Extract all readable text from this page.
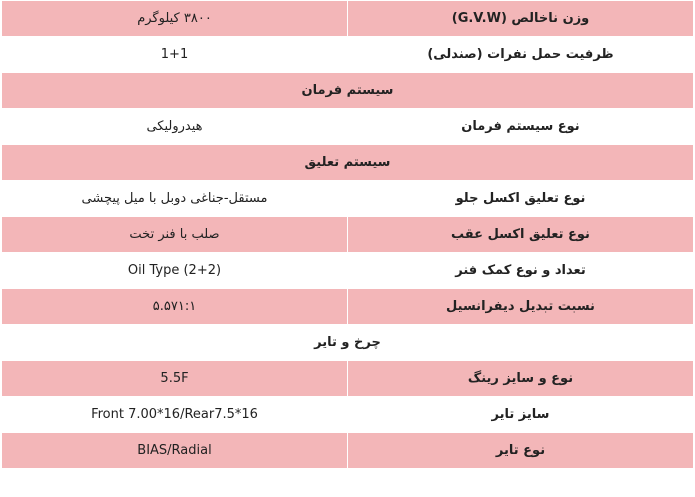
وزن ناخالص (G.V.W)	۳۸۰۰ کیلوگرم
ظرفیت حمل نفرات (صندلی)	1+1
سیستم فرمان	
نوع سیستم فرمان	هیدرولیکی
سیستم تعلیق	
نوع تعلیق اکسل جلو	مستقل-جناغی دوبل با میل پیچشی
نوع تعلیق اکسل عقب	صلب با فنر تخت
تعداد و نوع کمک فنر	Oil Type (2+2)
نسبت تبدیل دیفرانسیل	۵.۵۷۱:۱
چرخ و تایر	
نوع و سایز رینگ	5.5F
سایز تایر	Front 7.00*16/Rear7.5*16
نوع تایر	BIAS/Radial
